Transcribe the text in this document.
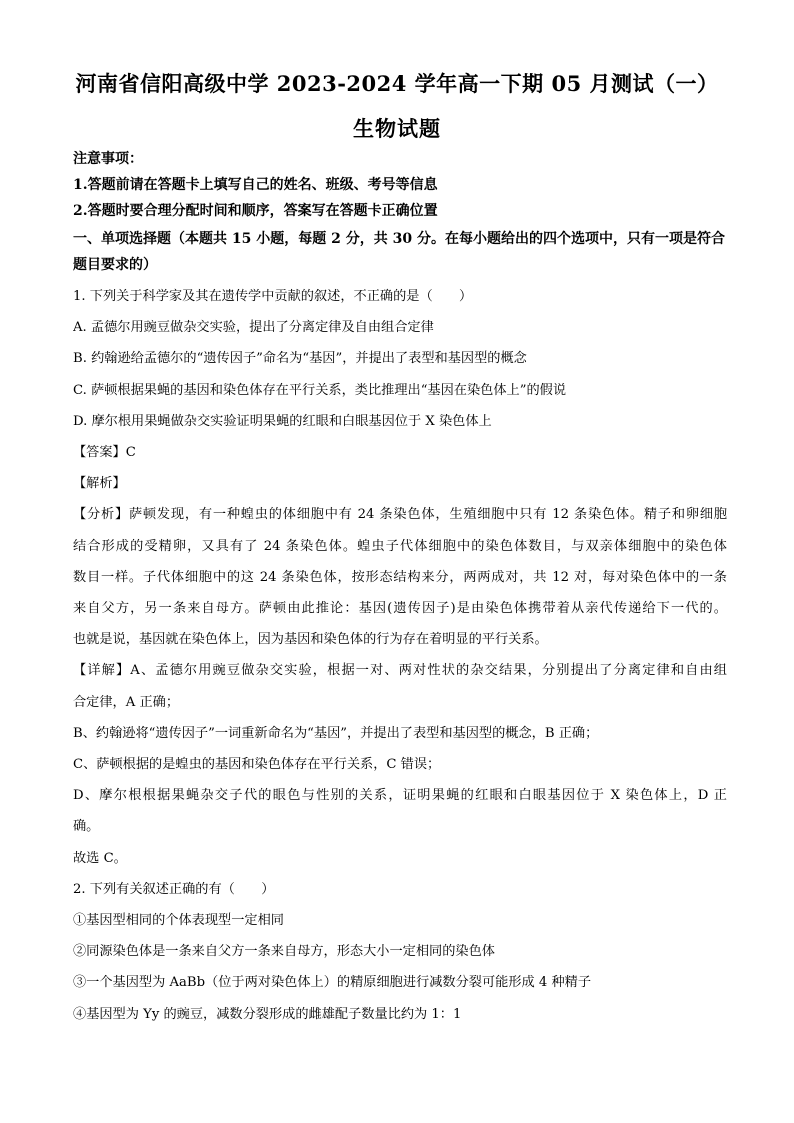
河南省信阳高级中学 2023-2024 学年高一下期 05 月测试（一）
生物试题
注意事项：
1.答题前请在答题卡上填写自己的姓名、班级、考号等信息
2.答题时要合理分配时间和顺序，答案写在答题卡正确位置
一、单项选择题（本题共 15 小题，每题 2 分，共 30 分。在每小题给出的四个选项中，只有一项是符合题目要求的）
1. 下列关于科学家及其在遗传学中贡献的叙述，不正确的是（　　）
A. 孟德尔用豌豆做杂交实验，提出了分离定律及自由组合定律
B. 约翰逊给孟德尔的“遗传因子”命名为“基因”，并提出了表型和基因型的概念
C. 萨顿根据果蝇的基因和染色体存在平行关系，类比推理出“基因在染色体上”的假说
D. 摩尔根用果蝇做杂交实验证明果蝇的红眼和白眼基因位于 X 染色体上
【答案】C
【解析】
【分析】萨顿发现，有一种蝗虫的体细胞中有 24 条染色体，生殖细胞中只有 12 条染色体。精子和卵细胞
结合形成的受精卵，又具有了 24 条染色体。蝗虫子代体细胞中的染色体数目，与双亲体细胞中的染色体
数目一样。子代体细胞中的这 24 条染色体，按形态结构来分，两两成对，共 12 对，每对染色体中的一条
来自父方，另一条来自母方。萨顿由此推论：基因(遗传因子)是由染色体携带着从亲代传递给下一代的。
也就是说，基因就在染色体上，因为基因和染色体的行为存在着明显的平行关系。
【详解】A、孟德尔用豌豆做杂交实验，根据一对、两对性状的杂交结果，分别提出了分离定律和自由组
合定律，A 正确；
B、约翰逊将“遗传因子”一词重新命名为“基因”，并提出了表型和基因型的概念，B 正确；
C、萨顿根据的是蝗虫的基因和染色体存在平行关系，C 错误；
D、摩尔根根据果蝇杂交子代的眼色与性别的关系，证明果蝇的红眼和白眼基因位于 X 染色体上，D 正
确。
故选 C。
2. 下列有关叙述正确的有（　　）
①基因型相同的个体表现型一定相同
②同源染色体是一条来自父方一条来自母方，形态大小一定相同的染色体
③一个基因型为 AaBb（位于两对染色体上）的精原细胞进行减数分裂可能形成 4 种精子
④基因型为 Yy 的豌豆，减数分裂形成的雌雄配子数量比约为 1：1
